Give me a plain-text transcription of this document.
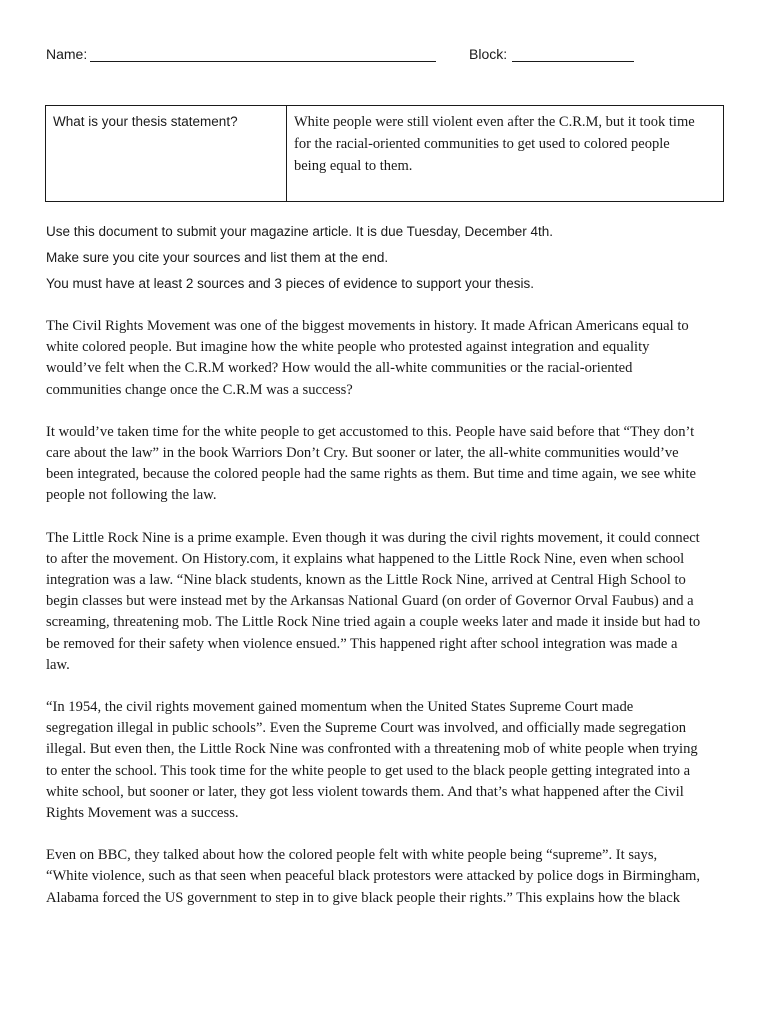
Name:	Block:
What is your thesis statement?	White people were still violent even after the C.R.M, but it took time
for the racial-oriented communities to get used to colored people
being equal to them.
Use this document to submit your magazine article. It is due Tuesday, December 4th.
Make sure you cite your sources and list them at the end.
You must have at least 2 sources and 3 pieces of evidence to support your thesis.

The Civil Rights Movement was one of the biggest movements in history. It made African Americans equal to
white colored people. But imagine how the white people who protested against integration and equality
would’ve felt when the C.R.M worked? How would the all-white communities or the racial-oriented
communities change once the C.R.M was a success?

It would’ve taken time for the white people to get accustomed to this. People have said before that “They don’t
care about the law” in the book Warriors Don’t Cry. But sooner or later, the all-white communities would’ve
been integrated, because the colored people had the same rights as them. But time and time again, we see white
people not following the law.

The Little Rock Nine is a prime example. Even though it was during the civil rights movement, it could connect
to after the movement. On History.com, it explains what happened to the Little Rock Nine, even when school
integration was a law. “Nine black students, known as the Little Rock Nine, arrived at Central High School to
begin classes but were instead met by the Arkansas National Guard (on order of Governor Orval Faubus) and a
screaming, threatening mob. The Little Rock Nine tried again a couple weeks later and made it inside but had to
be removed for their safety when violence ensued.” This happened right after school integration was made a
law.

“In 1954, the civil rights movement gained momentum when the United States Supreme Court made
segregation illegal in public schools”. Even the Supreme Court was involved, and officially made segregation
illegal. But even then, the Little Rock Nine was confronted with a threatening mob of white people when trying
to enter the school. This took time for the white people to get used to the black people getting integrated into a
white school, but sooner or later, they got less violent towards them. And that’s what happened after the Civil
Rights Movement was a success.

Even on BBC, they talked about how the colored people felt with white people being “supreme”. It says,
“White violence, such as that seen when peaceful black protestors were attacked by police dogs in Birmingham,
Alabama forced the US government to step in to give black people their rights.” This explains how the black
